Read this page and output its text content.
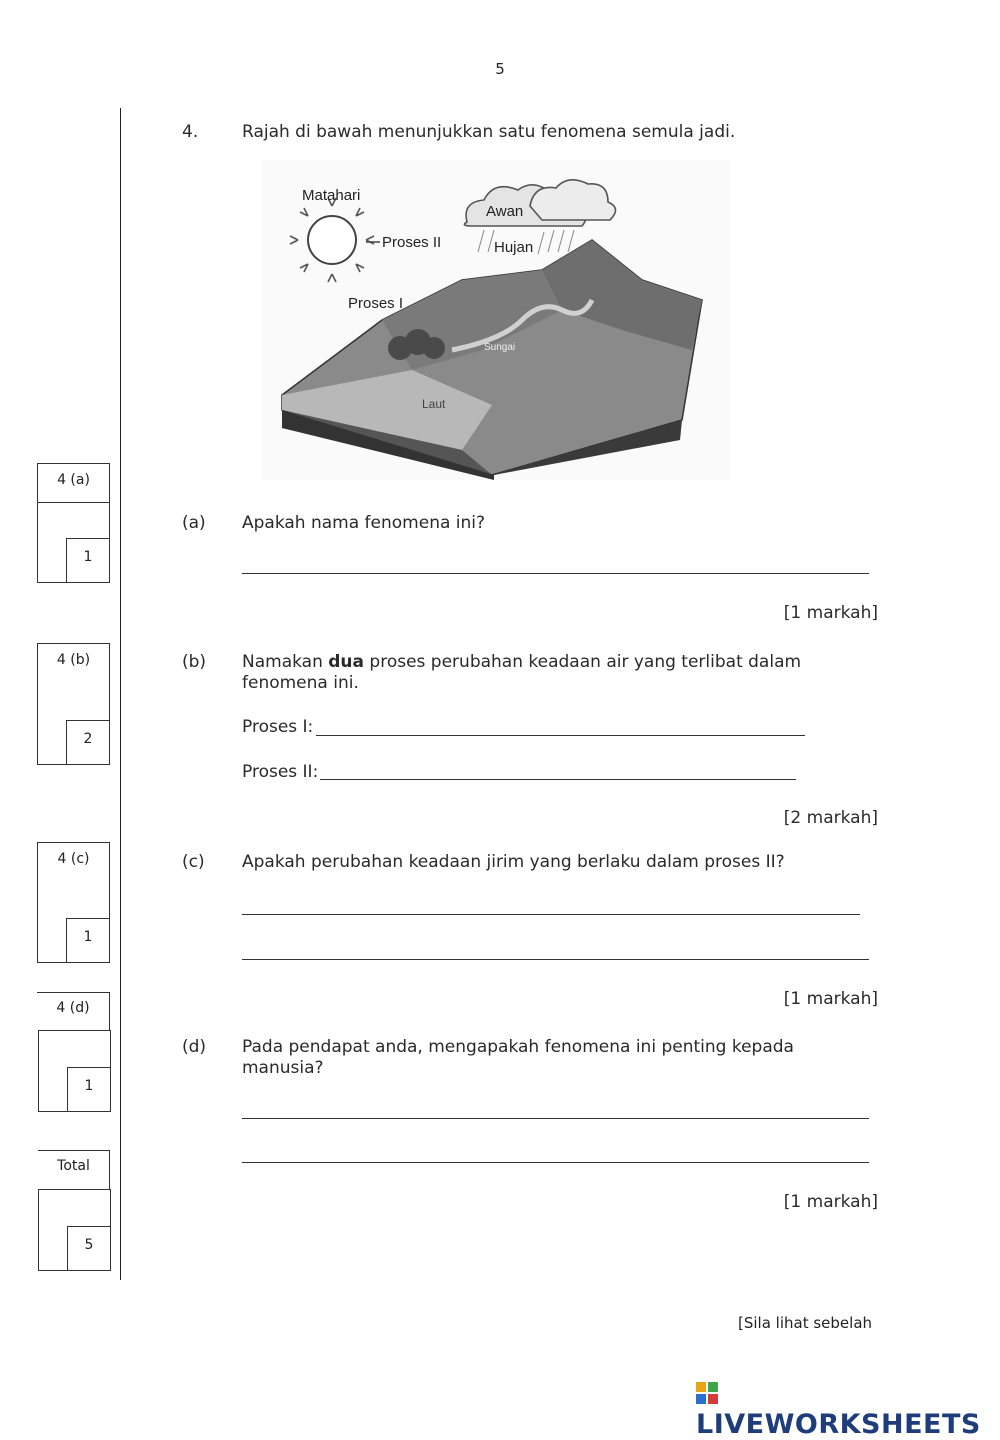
5
4.	Rajah di bawah menunjukkan satu fenomena semula jadi.
Matahari
Awan
Hujan
Proses II
Proses I
Sungai
Laut
(a) Apakah nama fenomena ini?
[1 markah]
(b) Namakan dua proses perubahan keadaan air yang terlibat dalam fenomena ini.
Proses I:
Proses II:
[2 markah]
(c) Apakah perubahan keadaan jirim yang berlaku dalam proses II?
[1 markah]
(d) Pada pendapat anda, mengapakah fenomena ini penting kepada manusia?
[1 markah]
4 (a)
1
4 (b)
2
4 (c)
1
4 (d)
1
Total
5
[Sila lihat sebelah
LIVEWORKSHEETS
